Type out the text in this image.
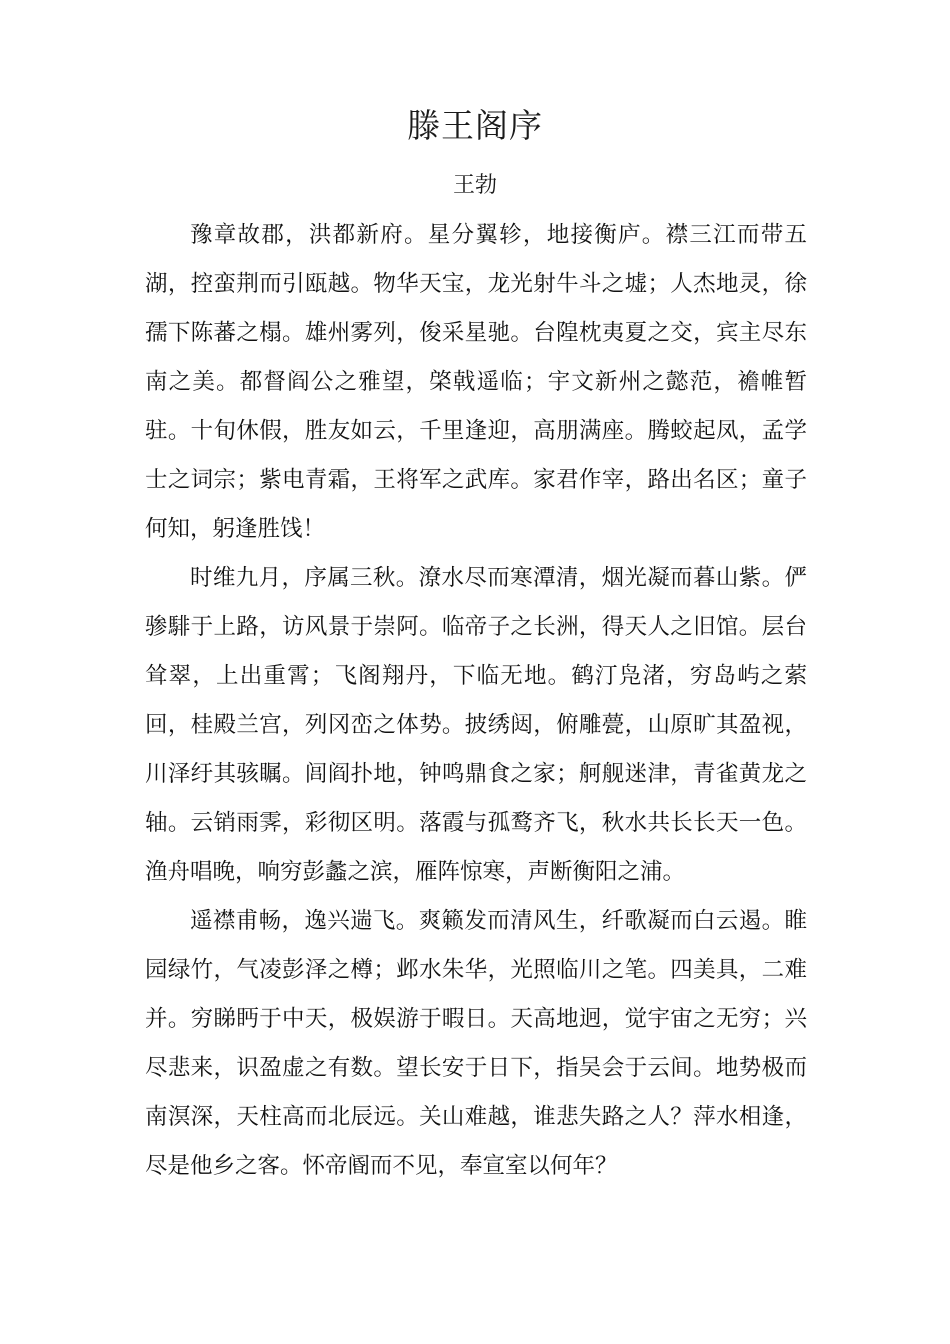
滕王阁序
王勃

豫章故郡，洪都新府。星分翼轸，地接衡庐。襟三江而带五湖，控蛮荆而引瓯越。物华天宝，龙光射牛斗之墟；人杰地灵，徐孺下陈蕃之榻。雄州雾列，俊采星驰。台隍枕夷夏之交，宾主尽东南之美。都督阎公之雅望，棨戟遥临；宇文新州之懿范，襜帷暂驻。十旬休假，胜友如云，千里逢迎，高朋满座。腾蛟起凤，孟学士之词宗；紫电青霜，王将军之武库。家君作宰，路出名区；童子何知，躬逢胜饯！

时维九月，序属三秋。潦水尽而寒潭清，烟光凝而暮山紫。俨骖騑于上路，访风景于崇阿。临帝子之长洲，得天人之旧馆。层台耸翠，上出重霄；飞阁翔丹，下临无地。鹤汀凫渚，穷岛屿之萦回，桂殿兰宫，列冈峦之体势。披绣闼，俯雕甍，山原旷其盈视，川泽纡其骇瞩。闾阎扑地，钟鸣鼎食之家；舸舰迷津，青雀黄龙之轴。云销雨霁，彩彻区明。落霞与孤鹜齐飞，秋水共长长天一色。渔舟唱晚，响穷彭蠡之滨，雁阵惊寒，声断衡阳之浦。

遥襟甫畅，逸兴遄飞。爽籁发而清风生，纤歌凝而白云遏。睢园绿竹，气凌彭泽之樽；邺水朱华，光照临川之笔。四美具，二难并。穷睇眄于中天，极娱游于暇日。天高地迥，觉宇宙之无穷；兴尽悲来，识盈虚之有数。望长安于日下，指吴会于云间。地势极而南溟深，天柱高而北辰远。关山难越，谁悲失路之人？萍水相逢，尽是他乡之客。怀帝阍而不见，奉宣室以何年？
